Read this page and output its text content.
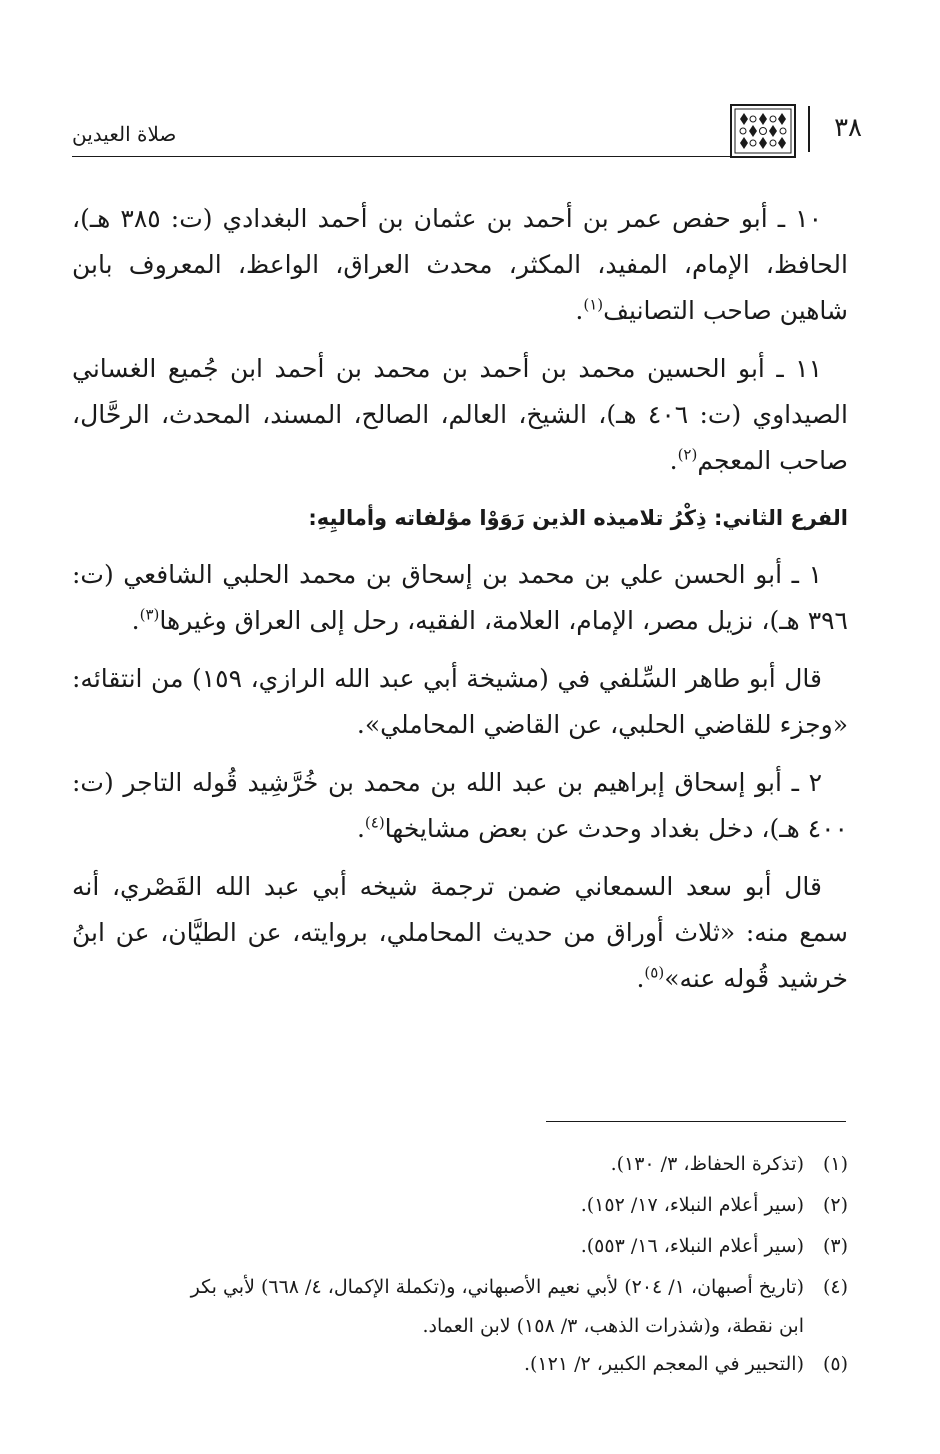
٣٨
صلاة العيدين

١٠ ـ أبو حفص عمر بن أحمد بن عثمان بن أحمد البغدادي (ت: ٣٨٥ هـ)، الحافظ، الإمام، المفيد، المكثر، محدث العراق، الواعظ، المعروف بابن شاهين صاحب التصانيف$^{(١)}$.

١١ ـ أبو الحسين محمد بن أحمد بن محمد بن أحمد ابن جُميع الغساني الصيداوي (ت: ٤٠٦ هـ)، الشيخ، العالم، الصالح، المسند، المحدث، الرحَّال، صاحب المعجم$^{(٢)}$.

الفرع الثاني: ذِكْرُ تلاميذه الذين رَوَوْا مؤلفاته وأماليِهِ:

١ ـ أبو الحسن علي بن محمد بن إسحاق بن محمد الحلبي الشافعي (ت: ٣٩٦ هـ)، نزيل مصر، الإمام، العلامة، الفقيه، رحل إلى العراق وغيرها$^{(٣)}$.

قال أبو طاهر السِّلفي في (مشيخة أبي عبد الله الرازي، ١٥٩) من انتقائه: «وجزء للقاضي الحلبي، عن القاضي المحاملي».

٢ ـ أبو إسحاق إبراهيم بن عبد الله بن محمد بن خُرَّشِيد قُوله التاجر (ت: ٤٠٠ هـ)، دخل بغداد وحدث عن بعض مشايخها$^{(٤)}$.

قال أبو سعد السمعاني ضمن ترجمة شيخه أبي عبد الله القَصْري، أنه سمع منه: «ثلاث أوراق من حديث المحاملي، بروايته، عن الطيَّان، عن ابنُ خرشيد قُوله عنه»$^{(٥)}$.

(١)
(تذكرة الحفاظ، ٣/ ١٣٠).
(٢)
(سير أعلام النبلاء، ١٧/ ١٥٢).
(٣)
(سير أعلام النبلاء، ١٦/ ٥٥٣).
(٤)
(تاريخ أصبهان، ١/ ٢٠٤) لأبي نعيم الأصبهاني، و(تكملة الإكمال، ٤/ ٦٦٨) لأبي بكر
ابن نقطة، و(شذرات الذهب، ٣/ ١٥٨) لابن العماد.
(٥)
(التحبير في المعجم الكبير، ٢/ ١٢١).
